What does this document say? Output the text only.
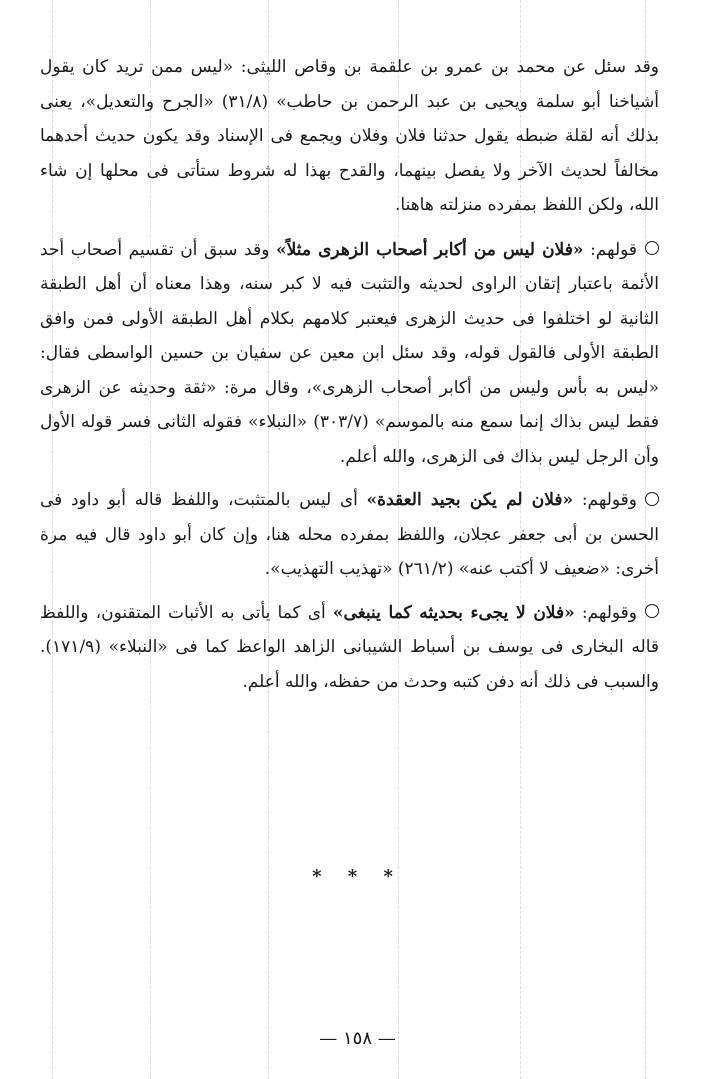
وقد سئل عن محمد بن عمرو بن علقمة بن وقاص الليثى: «ليس ممن تريد كان يقول أشياخنا أبو سلمة ويحيى بن عبد الرحمن بن حاطب» (٣١/٨) «الجرح والتعديل»، يعنى بذلك أنه لقلة ضبطه يقول حدثنا فلان وفلان ويجمع فى الإسناد وقد يكون حديث أحدهما مخالفاً لحديث الآخر ولا يفصل بينهما، والقدح بهذا له شروط ستأتى فى محلها إن شاء الله، ولكن اللفظ بمفرده منزلته هاهنا.

قولهم: «فلان ليس من أكابر أصحاب الزهرى مثلاً» وقد سبق أن تقسيم أصحاب أحد الأئمة باعتبار إتقان الراوى لحديثه والتثبت فيه لا كبر سنه، وهذا معناه أن أهل الطبقة الثانية لو اختلفوا فى حديث الزهرى فيعتبر كلامهم بكلام أهل الطبقة الأولى فمن وافق الطبقة الأولى فالقول قوله، وقد سئل ابن معين عن سفيان بن حسين الواسطى فقال: «ليس به بأس وليس من أكابر أصحاب الزهرى»، وقال مرة: «ثقة وحديثه عن الزهرى فقط ليس بذاك إنما سمع منه بالموسم» (٣٠٣/٧) «النبلاء» فقوله الثانى فسر قوله الأول وأن الرجل ليس بذاك فى الزهرى، والله أعلم.

وقولهم: «فلان لم يكن بجيد العقدة» أى ليس بالمتثبت، واللفظ قاله أبو داود فى الحسن بن أبى جعفر عجلان، واللفظ بمفرده محله هنا، وإن كان أبو داود قال فيه مرة أخرى: «ضعيف لا أكتب عنه» (٢٦١/٢) «تهذيب التهذيب».

وقولهم: «فلان لا يجىء بحديثه كما ينبغى» أى كما يأتى به الأثبات المتقنون، واللفظ قاله البخارى فى يوسف بن أسباط الشيبانى الزاهد الواعظ كما فى «النبلاء» (١٧١/٩). والسبب فى ذلك أنه دفن كتبه وحدث من حفظه، والله أعلم.

* * *
— ١٥٨ —
